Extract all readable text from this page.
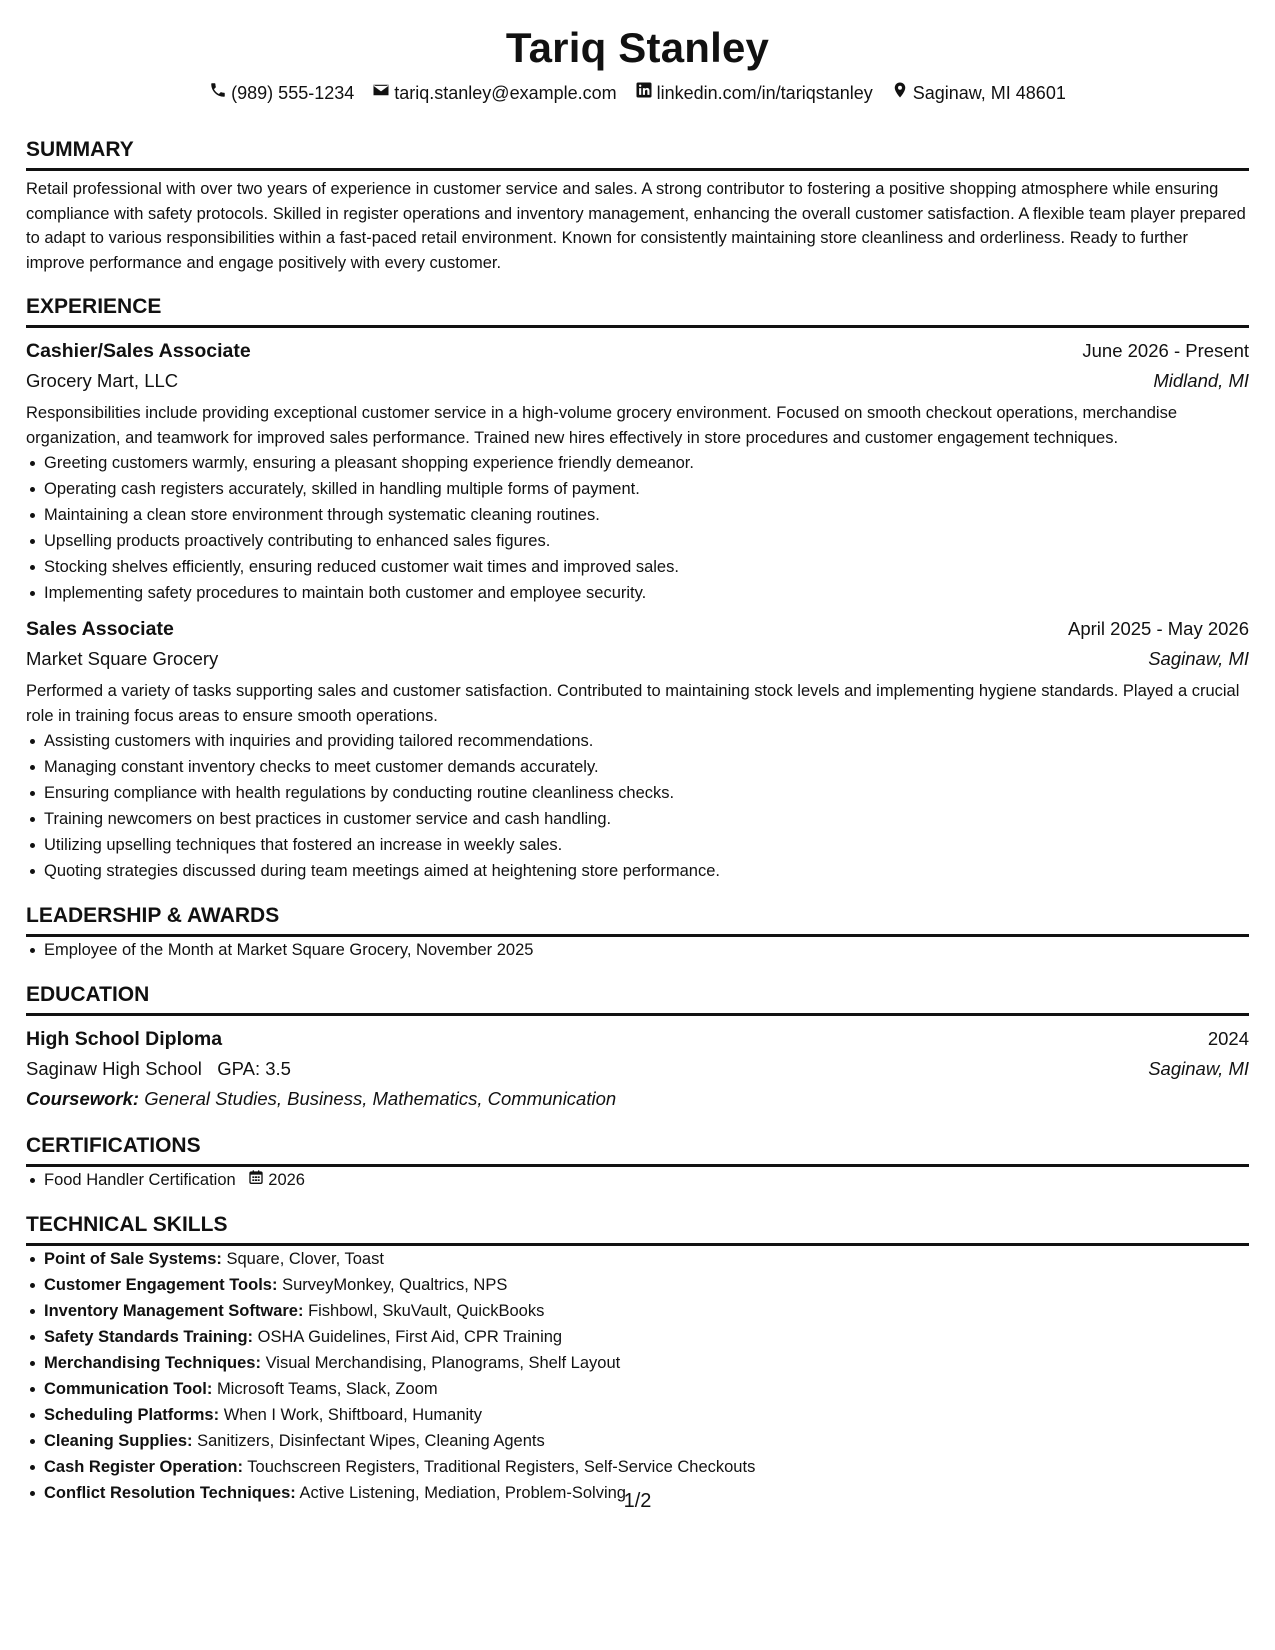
Tariq Stanley
(989) 555-1234 tariq.stanley@example.com linkedin.com/in/tariqstanley Saginaw, MI 48601
SUMMARY
Retail professional with over two years of experience in customer service and sales. A strong contributor to fostering a positive shopping atmosphere while ensuring compliance with safety protocols. Skilled in register operations and inventory management, enhancing the overall customer satisfaction. A flexible team player prepared to adapt to various responsibilities within a fast-paced retail environment. Known for consistently maintaining store cleanliness and orderliness. Ready to further improve performance and engage positively with every customer.
EXPERIENCE
Cashier/Sales Associate	June 2026 - Present
Grocery Mart, LLC	Midland, MI
Responsibilities include providing exceptional customer service in a high-volume grocery environment. Focused on smooth checkout operations, merchandise organization, and teamwork for improved sales performance. Trained new hires effectively in store procedures and customer engagement techniques.
Greeting customers warmly, ensuring a pleasant shopping experience friendly demeanor.
Operating cash registers accurately, skilled in handling multiple forms of payment.
Maintaining a clean store environment through systematic cleaning routines.
Upselling products proactively contributing to enhanced sales figures.
Stocking shelves efficiently, ensuring reduced customer wait times and improved sales.
Implementing safety procedures to maintain both customer and employee security.
Sales Associate	April 2025 - May 2026
Market Square Grocery	Saginaw, MI
Performed a variety of tasks supporting sales and customer satisfaction. Contributed to maintaining stock levels and implementing hygiene standards. Played a crucial role in training focus areas to ensure smooth operations.
Assisting customers with inquiries and providing tailored recommendations.
Managing constant inventory checks to meet customer demands accurately.
Ensuring compliance with health regulations by conducting routine cleanliness checks.
Training newcomers on best practices in customer service and cash handling.
Utilizing upselling techniques that fostered an increase in weekly sales.
Quoting strategies discussed during team meetings aimed at heightening store performance.
LEADERSHIP & AWARDS
Employee of the Month at Market Square Grocery, November 2025
EDUCATION
High School Diploma	2024
Saginaw High School GPA: 3.5	Saginaw, MI
Coursework: General Studies, Business, Mathematics, Communication
CERTIFICATIONS
Food Handler Certification 2026
TECHNICAL SKILLS
Point of Sale Systems: Square, Clover, Toast
Customer Engagement Tools: SurveyMonkey, Qualtrics, NPS
Inventory Management Software: Fishbowl, SkuVault, QuickBooks
Safety Standards Training: OSHA Guidelines, First Aid, CPR Training
Merchandising Techniques: Visual Merchandising, Planograms, Shelf Layout
Communication Tool: Microsoft Teams, Slack, Zoom
Scheduling Platforms: When I Work, Shiftboard, Humanity
Cleaning Supplies: Sanitizers, Disinfectant Wipes, Cleaning Agents
Cash Register Operation: Touchscreen Registers, Traditional Registers, Self-Service Checkouts
Conflict Resolution Techniques: Active Listening, Mediation, Problem-Solving
1/2
